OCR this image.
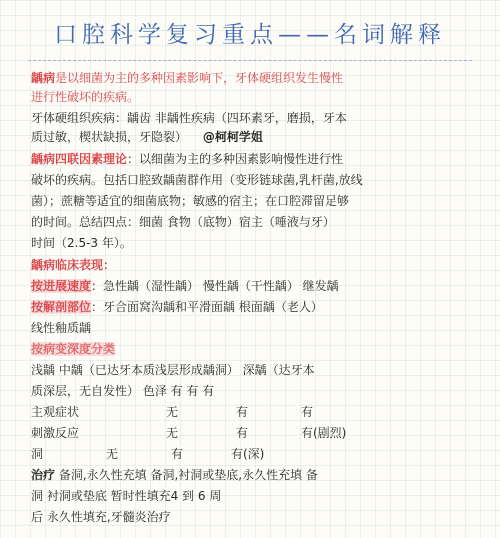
口腔科学复习重点——名词解释
龋病是以细菌为主的多种因素影响下，牙体硬组织发生慢性
进行性破坏的疾病。
牙体硬组织疾病：龋齿 非龋性疾病（四环素牙，磨损，牙本
质过敏，楔状缺损，牙隐裂） @柯柯学姐
龋病四联因素理论：以细菌为主的多种因素影响慢性进行性
破坏的疾病。包括口腔致龋菌群作用（变形链球菌,乳杆菌,放线
菌）；蔗糖等适宜的细菌底物；敏感的宿主；在口腔滞留足够
的时间。总结四点：细菌 食物（底物）宿主（唾液与牙）
时间（2.5-3 年）。
龋病临床表现：
按进展速度：急性龋（湿性龋） 慢性龋（干性龋） 继发龋
按解剖部位：牙合面窝沟龋和平滑面龋 根面龋（老人）
线性釉质龋
按病变深度分类
浅龋 中龋（已达牙本质浅层形成龋洞） 深龋（达牙本
质深层，无自发性） 色泽 有 有 有
主观症状	无	有	有
刺激反应	无	有	有(剧烈)
洞	无	有	有(深)
治疗 备洞,永久性充填 备洞,衬洞或垫底,永久性充填 备
洞 衬洞或垫底 暂时性填充4 到 6 周
后 永久性填充,牙髓炎治疗
